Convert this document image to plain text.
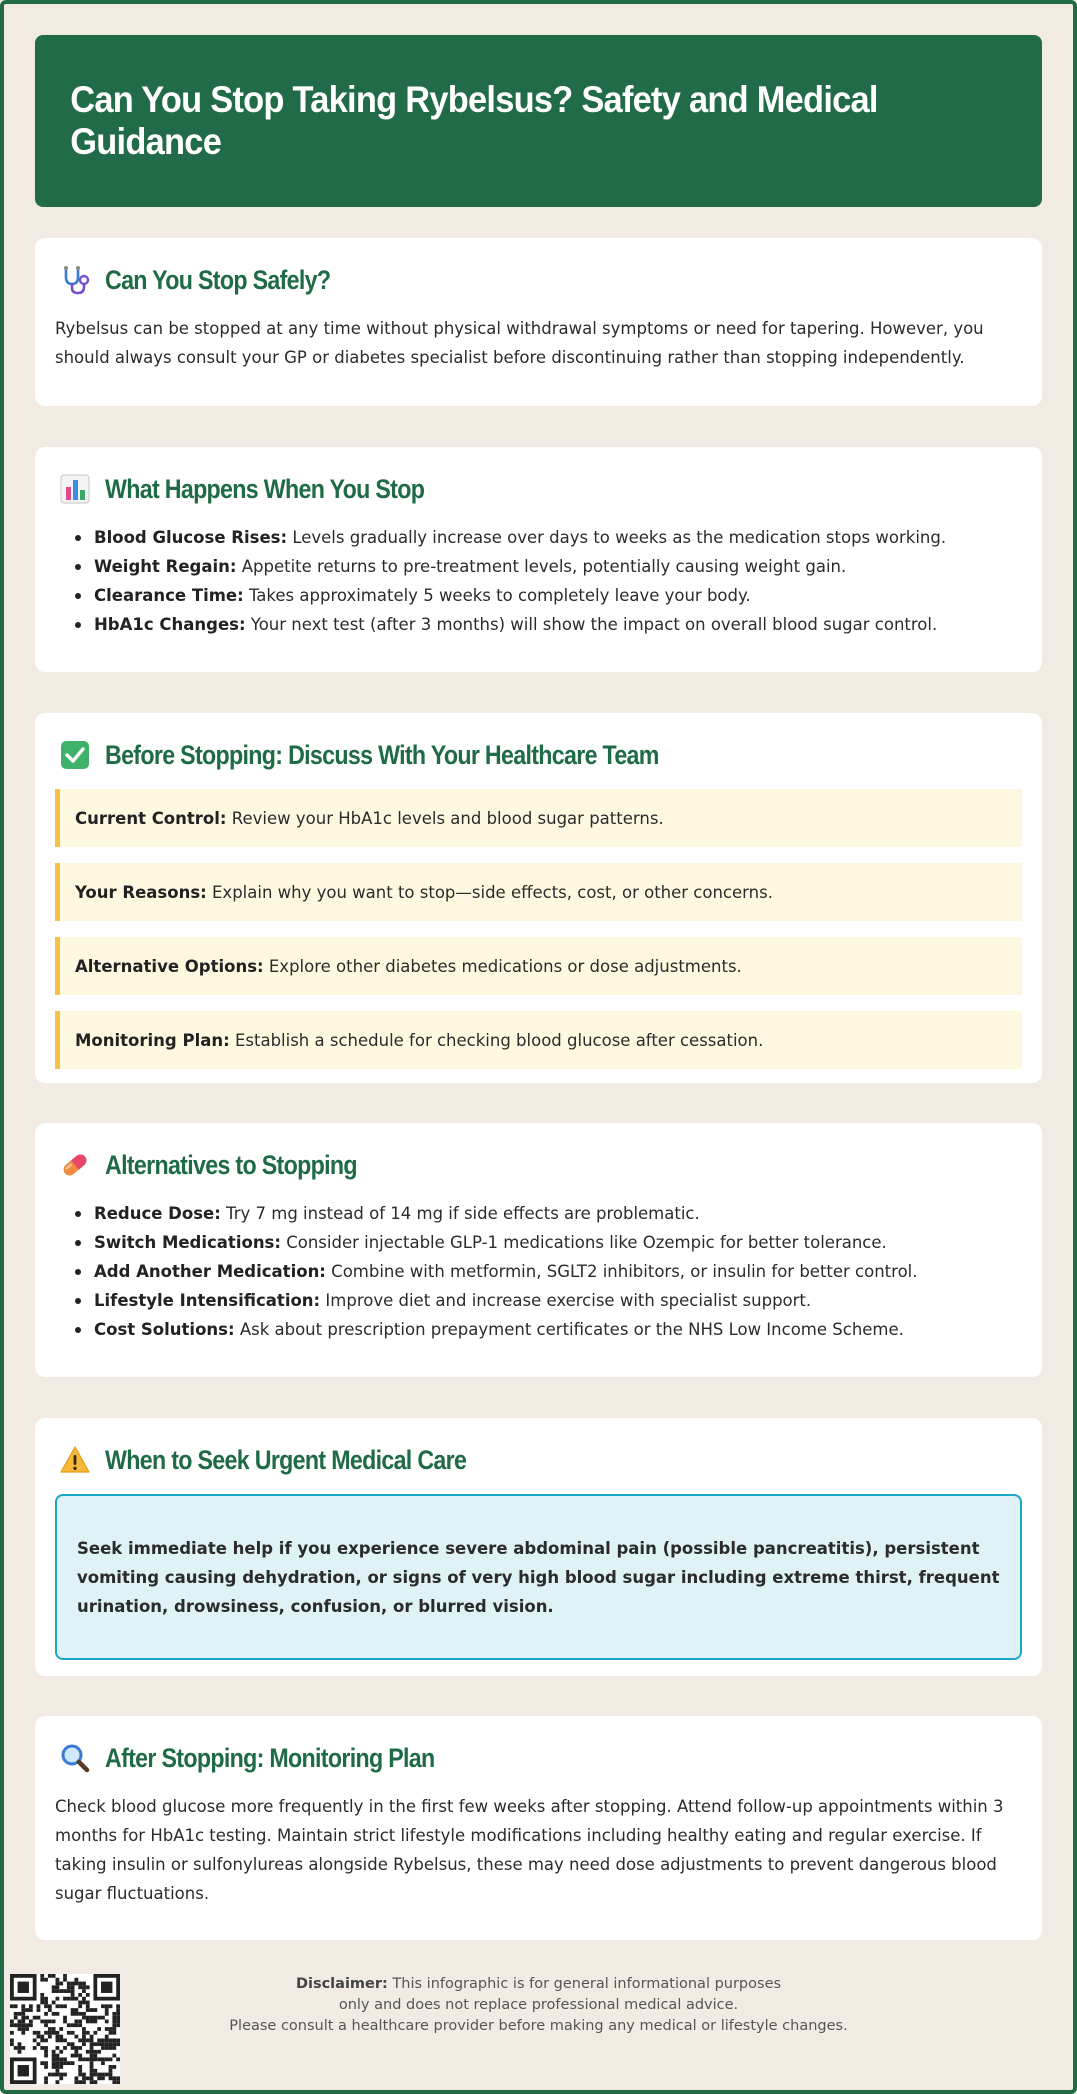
Can You Stop Taking Rybelsus? Safety and Medical Guidance
Can You Stop Safely?

Rybelsus can be stopped at any time without physical withdrawal symptoms or need for tapering. However, you should always consult your GP or diabetes specialist before discontinuing rather than stopping independently.

What Happens When You Stop
Blood Glucose Rises: Levels gradually increase over days to weeks as the medication stops working.
Weight Regain: Appetite returns to pre-treatment levels, potentially causing weight gain.
Clearance Time: Takes approximately 5 weeks to completely leave your body.
HbA1c Changes: Your next test (after 3 months) will show the impact on overall blood sugar control.
Before Stopping: Discuss With Your Healthcare Team
Current Control: Review your HbA1c levels and blood sugar patterns.
Your Reasons: Explain why you want to stop—side effects, cost, or other concerns.
Alternative Options: Explore other diabetes medications or dose adjustments.
Monitoring Plan: Establish a schedule for checking blood glucose after cessation.
Alternatives to Stopping
Reduce Dose: Try 7 mg instead of 14 mg if side effects are problematic.
Switch Medications: Consider injectable GLP-1 medications like Ozempic for better tolerance.
Add Another Medication: Combine with metformin, SGLT2 inhibitors, or insulin for better control.
Lifestyle Intensification: Improve diet and increase exercise with specialist support.
Cost Solutions: Ask about prescription prepayment certificates or the NHS Low Income Scheme.
When to Seek Urgent Medical Care

Seek immediate help if you experience severe abdominal pain (possible pancreatitis), persistent vomiting causing dehydration, or signs of very high blood sugar including extreme thirst, frequent urination, drowsiness, confusion, or blurred vision.

After Stopping: Monitoring Plan

Check blood glucose more frequently in the first few weeks after stopping. Attend follow-up appointments within 3 months for HbA1c testing. Maintain strict lifestyle modifications including healthy eating and regular exercise. If taking insulin or sulfonylureas alongside Rybelsus, these may need dose adjustments to prevent dangerous blood sugar fluctuations.

Disclaimer: This infographic is for general informational purposes
only and does not replace professional medical advice.
Please consult a healthcare provider before making any medical or lifestyle changes.
